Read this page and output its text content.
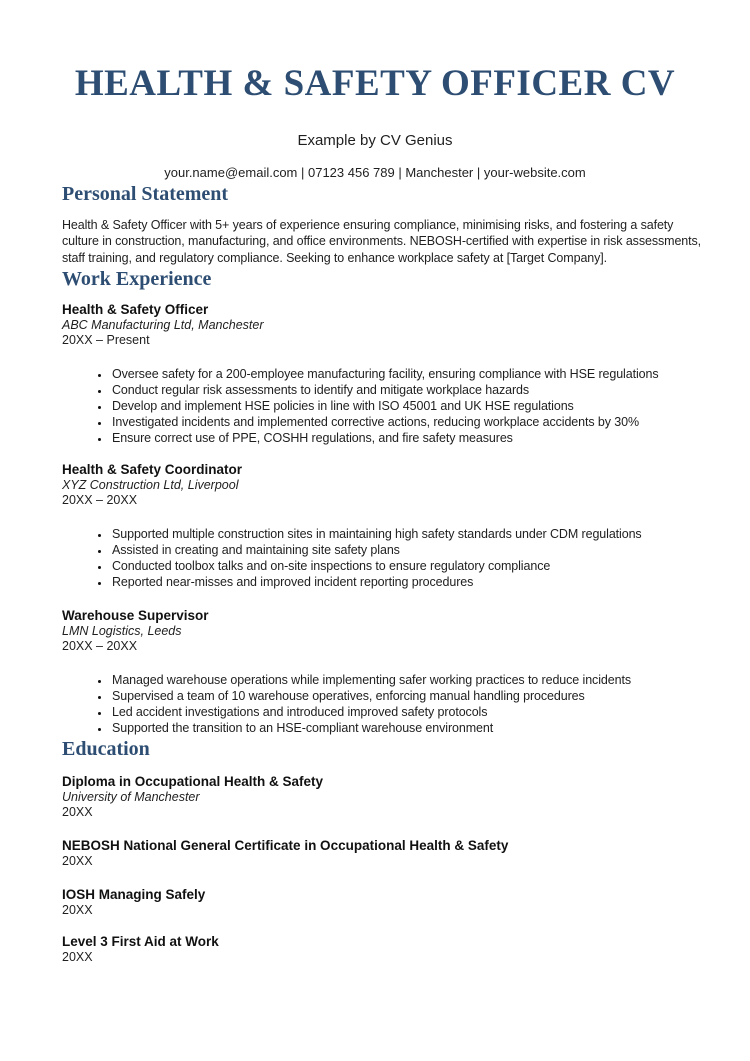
HEALTH & SAFETY OFFICER CV
Example by CV Genius
your.name@email.com | 07123 456 789 | Manchester | your-website.com
Personal Statement

Health & Safety Officer with 5+ years of experience ensuring compliance, minimising risks, and fostering a safety culture in construction, manufacturing, and office environments. NEBOSH-certified with expertise in risk assessments, staff training, and regulatory compliance. Seeking to enhance workplace safety at [Target Company].

Work Experience
Health & Safety Officer

ABC Manufacturing Ltd, Manchester

20XX – Present

• Oversee safety for a 200-employee manufacturing facility, ensuring compliance with HSE regulations
• Conduct regular risk assessments to identify and mitigate workplace hazards
• Develop and implement HSE policies in line with ISO 45001 and UK HSE regulations
• Investigated incidents and implemented corrective actions, reducing workplace accidents by 30%
• Ensure correct use of PPE, COSHH regulations, and fire safety measures
Health & Safety Coordinator

XYZ Construction Ltd, Liverpool

20XX – 20XX

• Supported multiple construction sites in maintaining high safety standards under CDM regulations
• Assisted in creating and maintaining site safety plans
• Conducted toolbox talks and on-site inspections to ensure regulatory compliance
• Reported near-misses and improved incident reporting procedures
Warehouse Supervisor

LMN Logistics, Leeds

20XX – 20XX

• Managed warehouse operations while implementing safer working practices to reduce incidents
• Supervised a team of 10 warehouse operatives, enforcing manual handling procedures
• Led accident investigations and introduced improved safety protocols
• Supported the transition to an HSE-compliant warehouse environment
Education
Diploma in Occupational Health & Safety

University of Manchester

20XX

NEBOSH National General Certificate in Occupational Health & Safety

20XX

IOSH Managing Safely

20XX

Level 3 First Aid at Work

20XX
